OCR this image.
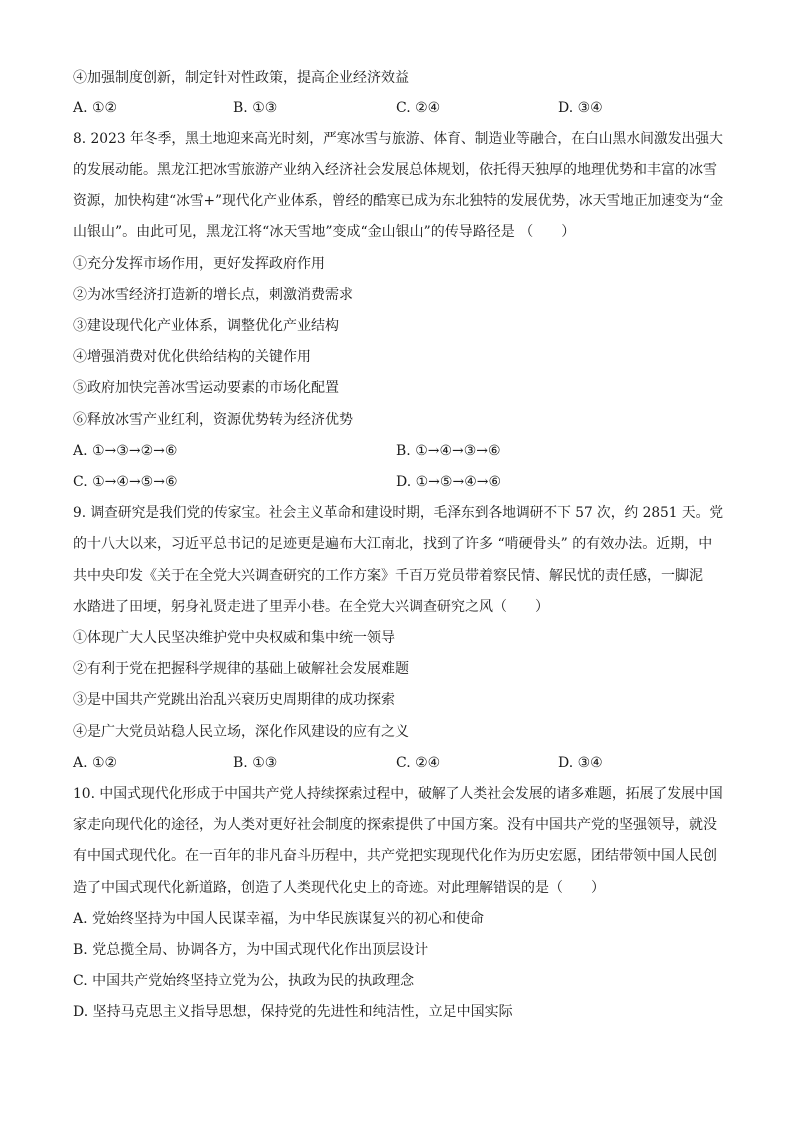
④加强制度创新，制定针对性政策，提高企业经济效益
A. ①②	B. ①③	C. ②④	D. ③④
8. 2023 年冬季，黑土地迎来高光时刻，严寒冰雪与旅游、体育、制造业等融合，在白山黑水间激发出强大
的发展动能。黑龙江把冰雪旅游产业纳入经济社会发展总体规划，依托得天独厚的地理优势和丰富的冰雪
资源，加快构建“冰雪+”现代化产业体系，曾经的酷寒已成为东北独特的发展优势，冰天雪地正加速变为“金
山银山”。由此可见，黑龙江将“冰天雪地”变成“金山银山”的传导路径是 （　　）
①充分发挥市场作用，更好发挥政府作用
②为冰雪经济打造新的增长点，刺激消费需求
③建设现代化产业体系，调整优化产业结构
④增强消费对优化供给结构的关键作用
⑤政府加快完善冰雪运动要素的市场化配置
⑥释放冰雪产业红利，资源优势转为经济优势
A. ①→③→②→⑥	B. ①→④→③→⑥
C. ①→④→⑤→⑥	D. ①→⑤→④→⑥
9. 调查研究是我们党的传家宝。社会主义革命和建设时期，毛泽东到各地调研不下 57 次，约 2851 天。党
的十八大以来，习近平总书记的足迹更是遍布大江南北，找到了许多 “啃硬骨头” 的有效办法。近期，中
共中央印发《关于在全党大兴调查研究的工作方案》千百万党员带着察民情、解民忧的责任感，一脚泥
水踏进了田埂，躬身礼贤走进了里弄小巷。在全党大兴调查研究之风（　　）
①体现广大人民坚决维护党中央权威和集中统一领导
②有利于党在把握科学规律的基础上破解社会发展难题
③是中国共产党跳出治乱兴衰历史周期律的成功探索
④是广大党员站稳人民立场，深化作风建设的应有之义
A. ①②	B. ①③	C. ②④	D. ③④
10. 中国式现代化形成于中国共产党人持续探索过程中，破解了人类社会发展的诸多难题，拓展了发展中国
家走向现代化的途径，为人类对更好社会制度的探索提供了中国方案。没有中国共产党的坚强领导，就没
有中国式现代化。在一百年的非凡奋斗历程中，共产党把实现现代化作为历史宏愿，团结带领中国人民创
造了中国式现代化新道路，创造了人类现代化史上的奇迹。对此理解错误的是（　　）
A. 党始终坚持为中国人民谋幸福，为中华民族谋复兴的初心和使命
B. 党总揽全局、协调各方，为中国式现代化作出顶层设计
C. 中国共产党始终坚持立党为公，执政为民的执政理念
D. 坚持马克思主义指导思想，保持党的先进性和纯洁性，立足中国实际
